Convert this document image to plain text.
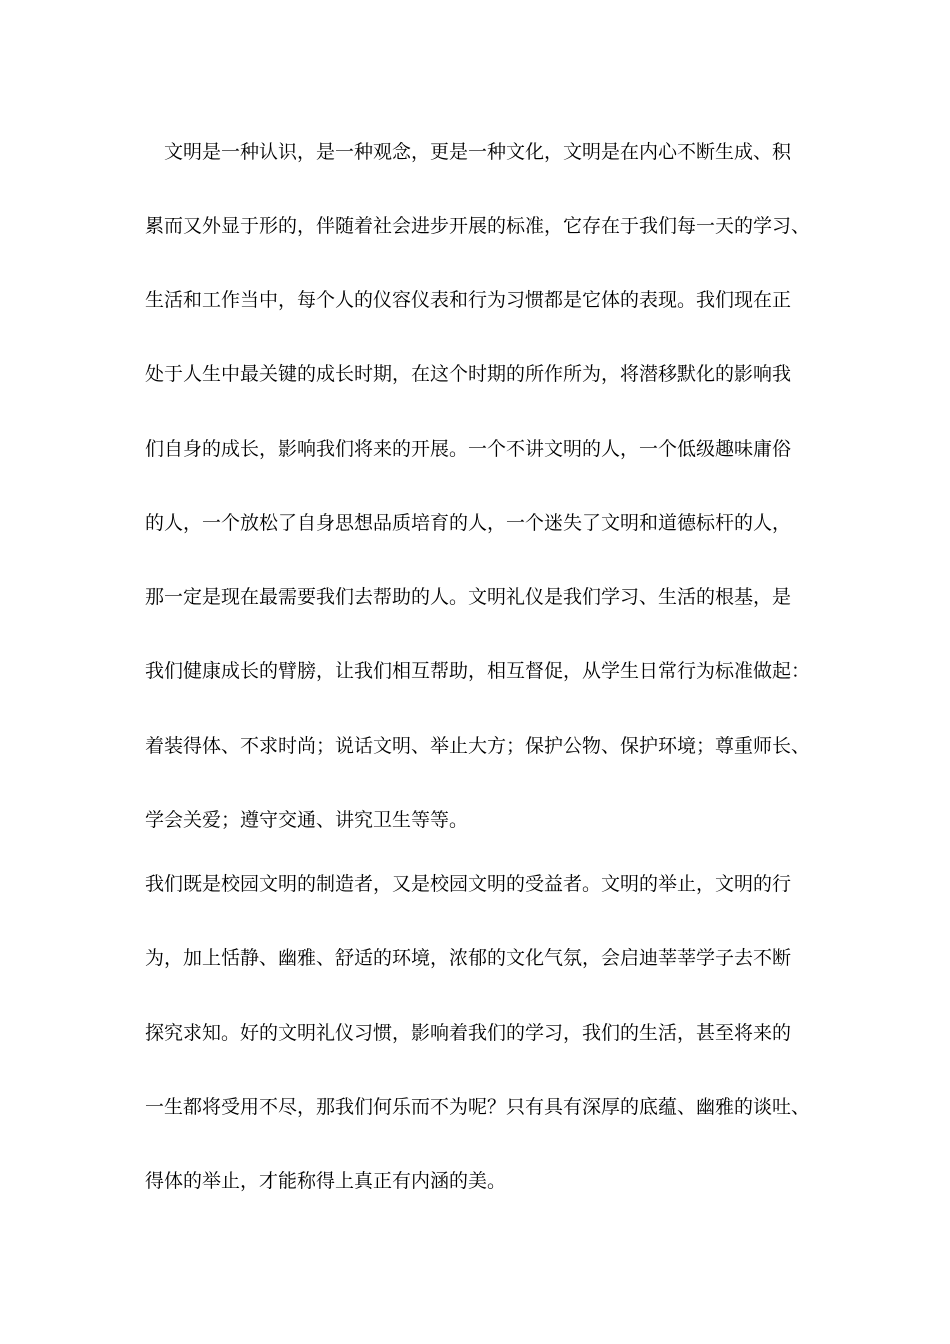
　文明是一种认识，是一种观念，更是一种文化，文明是在内心不断生成、积
累而又外显于形的，伴随着社会进步开展的标准，它存在于我们每一天的学习、
生活和工作当中，每个人的仪容仪表和行为习惯都是它体的表现。我们现在正
处于人生中最关键的成长时期，在这个时期的所作所为，将潜移默化的影响我
们自身的成长，影响我们将来的开展。一个不讲文明的人，一个低级趣味庸俗
的人，一个放松了自身思想品质培育的人，一个迷失了文明和道德标杆的人，
那一定是现在最需要我们去帮助的人。文明礼仪是我们学习、生活的根基，是
我们健康成长的臂膀，让我们相互帮助，相互督促，从学生日常行为标准做起：
着装得体、不求时尚；说话文明、举止大方；保护公物、保护环境；尊重师长、
学会关爱；遵守交通、讲究卫生等等。
我们既是校园文明的制造者，又是校园文明的受益者。文明的举止，文明的行
为，加上恬静、幽雅、舒适的环境，浓郁的文化气氛，会启迪莘莘学子去不断
探究求知。好的文明礼仪习惯，影响着我们的学习，我们的生活，甚至将来的
一生都将受用不尽，那我们何乐而不为呢？只有具有深厚的底蕴、幽雅的谈吐、
得体的举止，才能称得上真正有内涵的美。
